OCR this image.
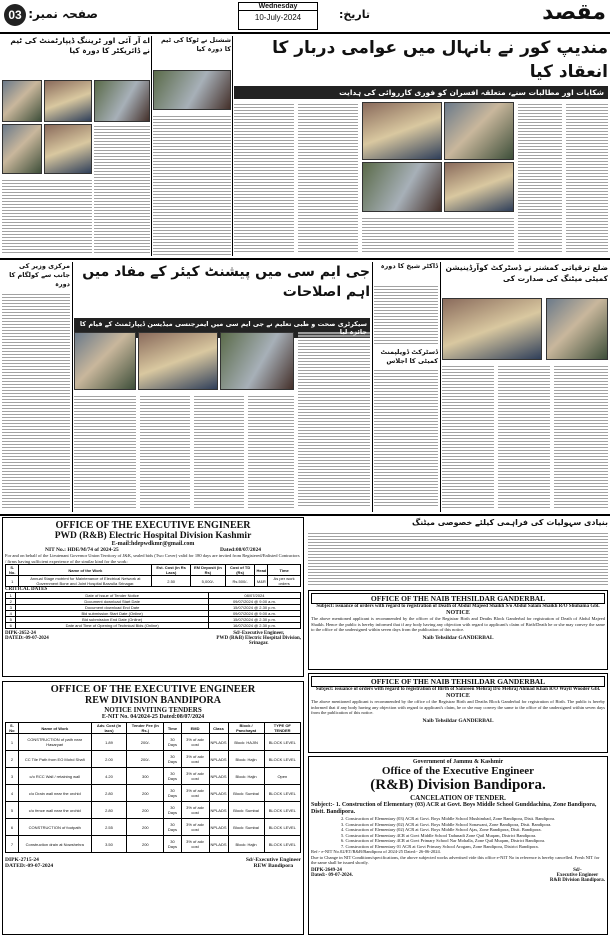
03 صفحہ نمبر:	تاریخ:
Wednesday
10-July-2024	مقصد
اے آر آئی اور ٹریننگ ڈیپارٹمنٹ کی ٹیم نے ڈائریکٹر کا دورہ کیا
ششتل نے ٹوکا کی ٹیم کا دورہ کیا	مندیپ کور نے بانہال میں عوامی دربار کا انعقاد کیا
شکایات اور مطالبات سنے، متعلقہ افسران کو فوری کارروائی کی ہدایت
مرکزی وزیر کی جانب سے کولگام کا دورہ
جی ایم سی میں پیشنٹ کیئر کے مفاد میں اہم اصلاحات
سیکرٹری صحت و طبی تعلیم نے جی ایم سی میں ایمرجنسی میڈیسن ڈیپارٹمنٹ کے قیام کا
ڈاکٹر شیخ کا دورہ
ڈسٹرکٹ ڈویلپمنٹ کمیٹی کا اجلاس
ضلع ترقیاتی کمشنر نے ڈسٹرکٹ کوآرڈینیشن کمیٹی میٹنگ کی صدارت کی
OFFICE OF THE EXECUTIVE ENGINEER
PWD (R&B) Electric Hospital Division Kashmir
E-mail:hdepwdkmr@gmail.com
NIT No.: HDE/M/74 of 2024-25	Dated:08/07/2024
For and on behalf of the Lieutenant Governor Union Territory of J&K, sealed bids (Two Cover) valid for 180 days are invited from Registered/Enlisted Contractors / firms having sufficient experience of the similar kind for the work:
S. No.	Name of the Work	Est. Cost (in Rs Lacs)	EM Deposit (in Rs)	Cost of TD (Rs)	Head	Time
1	Annual Stage motrimt for Maintenance of Electrical Network at Government Bone and Joint Hospital Barzulla Srinagar.	2.50	5,000/-	Rs.500/-	M&R	As per work orders
CRITICAL DATES
1	Date of issue of Tender Notice	08/07/2024
2	Document download Start Date	09/07/2024 @ 9.00 a.m.
3	Document download End Date	15/07/2024 @ 2.30 p.m.
4	Bid submission Start Date (Online)	09/07/2024 @ 9.00 a.m.
5	Bid submission End Date (Online)	15/07/2024 @ 2.30 p.m.
6	Date and Time of Opening of Technical Bids (Online)	16/07/2024 @ 2.30 p.m.
DIPK-2652-24
DATED:-09-07-2024
Sd/-Executive Engineer,
PWD (R&B) Electric Hospital Division,
Srinagar.
OFFICE OF THE EXECUTIVE ENGINEER
REW DIVISION BANDIPORA
NOTICE INVITING TENDERS
E-NIT No. 04/2024-25 Dated:08/07/2024
S. No	Name of Work	Adv. Cost (In lacs)	Tender Fee (In Rs.)	Time	EMD	Class	Block / Panchayat	TYPE OF TENDER
1	CONSTRUCTION of path near Hasaryari	1.89	200/-	30 Days	3% of adv cost	NPLADS	Block: HAJIN	BLOCK LEVEL
2	CC Tile Path from EO Mohd Shafi	2.00	200/-	30 Days	3% of adv cost	NPLADS	Block: Hajin	BLOCK LEVEL
3	c/o RCC Wall / retaining wall	4.20	300	30 Days	3% of adv cost	NPLADS	Block: Hajin	Open
4	c/o Drain wall near the orchid	2.80	200	30 Days	3% of adv cost	NPLADS	Block: Sumbal	BLOCK LEVEL
5	c/o fence wall near the orchid	2.80	200	30 Days	3% of adv cost	NPLADS	Block: Sumbal	BLOCK LEVEL
6	CONSTRUCTION of footpath	2.55	200	30 Days	3% of adv cost	NPLADS	Block: Sumbal	BLOCK LEVEL
7	Construction drain at Nowshehra	3.50	200	30 Days	3% of adv cost	NPLADS	Block: Hajin	BLOCK LEVEL
DIPK-2715-24
DATED:-09-07-2024
Sd/-Executive Engineer
REW Bandipora
بنیادی سہولیات کی فراہمی کیلئے خصوصی میٹنگ
OFFICE OF THE NAIB TEHSILDAR GANDERBAL
Subject: issuance of orders with regard to registration of Death of Abdul Majeed Shaikh S/o Abdul Salam Shaikh R/O Shuhama Gbl.
NOTICE
The above mentioned applicant is recommended by the officer of the Registrar Birth and Deaths Block Ganderbal for registration of Death of Abdul Majeed Shaikh. Hence the public is hereby informed that if any body having any objection with regard to applicant's claim of Birth/Death he or she may convey the same to the office of the undersigned within seven days from the publication of this notice.
Naib Tehsildar GANDERBAL
OFFICE OF THE NAIB TEHSILDAR GANDERBAL
Subject: issuance of orders with regard to registration of Birth of Samreen Mehraj D/o Mehraj Ahmad Khan R/O Wayil Wooder Gbl.
NOTICE
The above mentioned applicant is recommended by the office of the Registrar Birth and Deaths Block Ganderbal for registration of Birth. The public is hereby informed that if any body having any objection with regard to applicant's claim, he or she may convey the same to the office of the undersigned within seven days from the publication of this notice.
Naib Tehsildar GANDERBAL
Government of Jammu & Kashmir
Office of the Executive Engineer
(R&B) Division Bandipora.
CANCELATION OF TENDER.
Subject:- 1. Construction of Elementary (03) ACR at Govt. Boys Middle School Gunddachina, Zone Bandipora, Distt. Bandipora.
2. Construction of Elementary (03) ACR at Govt. Boys Middle School Mushimbad, Zone Bandipora, Distt. Bandipora.
3. Construction of Elementary (02) ACR at Govt. Boys Middle School Sonawani, Zone Bandipora, Distt. Bandipora.
4. Construction of Elementary (02) ACR at Govt. Boys Middle School Ajas, Zone Bandipora, Distt. Bandipora.
5. Construction of Elementary 4CR at Govt Middle School Tadunadi Zone Quil Muqam, District Bandipora.
6. Construction of Elementary 4CR at Govt Primary School Nar Mohalla, Zone Quil Muqam, District Bandipora.
7. Construction of Elementary 01 ACR at Govt Primary School Arogam, Zone Bandipora, District Bandipora.
Ref:- e-NIT No.02/ET/R&B/Bandipora of 2024-25 Dated:- 26-06-2024.
Due to Change in NIT Conditions/specifications, the above subjected works advertised vide this office e-NIT No in reference is hereby cancelled. Fresh NIT for the same shall be issued shortly.
DIPK-2649-24
Dated:- 09-07-2024.
Sd/-
Executive Engineer
R&B Division Bandipora.
